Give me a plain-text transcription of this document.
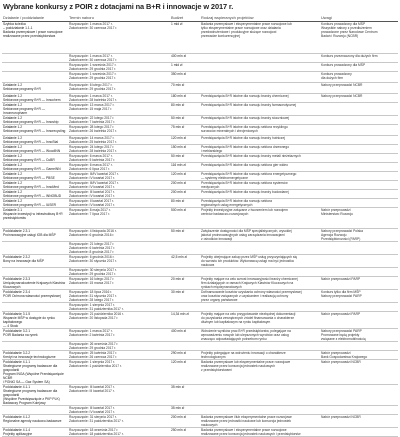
Wybrane konkursy z POIR z dotacjami na B+R i innowacje w 2017 r.
Działanie / poddziałanie	Termin naboru	Budżet	Rodzaj wspieranych projektów	Uwagi
Szybka ścieżka
– poddziałanie 1.1.1
Badania przemysłowe i prace rozwojowe
realizowane przez przedsiębiorstwa	Rozpoczęcie: 1 marca 2017 r.
Zakończenie: 30 czerwca 2017 r.	1 mld zł	Badania przemysłowe i eksperymentalne prace rozwojowe lub
tylko eksperymentalne prace rozwojowe oraz działania
przedwdrożeniowe i produkcyjne służące rozwojowi
przewadze konkurencyjnej	Konkurs prowadzony dla MŚP
Wszystkie nabory z przedłużeniem
prowadzone przez Narodowe Centrum
Badań i Rozwoju (NCBR)
	Rozpoczęcie: 1 marca 2017 r.
Zakończenie: 30 czerwca 2017 r.	400 mln zł		Konkurs przeznaczony dla dużych firm
	Rozpoczęcie: 1 września 2017 r.
Zakończenie: 29 grudnia 2017 r.	1 mld zł		Konkurs prowadzony dla MŚP
	Rozpoczęcie: 1 września 2017 r.
Zakończenie: 29 grudnia 2017 r.	350 mln zł		Konkurs prowadzony
dla dużych firm
Działanie 1.2
Sektorowe programy B+R	Rozpoczęcie: 6 lutego 2017 r.
Zakończenie: 29 grudnia 2017 r.	70 mln zł		Nabory przeprowadzi NCBR
Działanie 1.2
Sektorowe programy B+R — Innochem	Rozpoczęcie: 1 marca 2017 r.
Zakończenie: 28 kwietnia 2017 r.	180 mln zł	Przedsięwzięcia B+R istotne dla rozwoju branży chemicznej	Nabory przeprowadzi NCBR
Działanie 1.2
Sektorowe programy B+R — Innoneuropharm	Rozpoczęcie: 13 marca 2017 r.
Zakończenie: 15 maja 2017 r.	80 mln zł	Przedsięwzięcia B+R istotne dla rozwoju branży farmaceutycznej	
Działanie 1.2
Sektorowe programy B+R — Innoship	Rozpoczęcie: 22 lutego 2017 r.
Zakończenie: 7 kwietnia 2017 r.	50 mln zł	Przedsięwzięcia B+R istotne dla rozwoju branży stoczniowej	
Działanie 1.2
Sektorowe programy B+R — Innorecycling	Rozpoczęcie: 28 lutego 2017 r.
Zakończenie: 26 kwietnia 2017 r.	75 mln zł	Przedsięwzięcia B+R istotne dla rozwoju sektora recyklingu
surowców mineralnych i zbrojeniowych	
Działanie 1.2
Sektorowe programy B+R — InnoStal	Rozpoczęcie: 14 marca 2017 r.
Zakończenie: 25 kwietnia 2017 r.	120 mln zł	Przedsięwzięcia B+R istotne dla rozwoju branży hutniczej	
Działanie 1.2
Sektorowe programy B+R — WoodINN	Rozpoczęcie: 24 lutego 2017 r.
Zakończenie: 28 kwietnia 2017 r.	150 mln zł	Przedsięwzięcia B+R istotne dla rozwoju sektora drzewnego
i meblarskiego	
Działanie 1.2
Sektorowe programy B+R — CuBR	Rozpoczęcie: 6 marca 2017 r.
Zakończenie: 5 kwietnia 2017 r.	50 mln zł	Przedsięwzięcia B+R istotne dla rozwoju branży metali nieżelaznych	
Działanie 1.2
Sektorowe programy B+R — GameINN	Rozpoczęcie: 6 marca 2017 r.
Zakończenie: 6 lipca 2017 r.	116 mln zł	Przedsięwzięcia B+R istotne dla rozwoju sektora gier wideo	
Działanie 1.2
Sektorowe programy B+R — PBSE	Rozpoczęcie: III/IV kwartał 2017 r.
Zakończenie: IV kwartał 2017 r.	120 mln zł	Przedsięwzięcia B+R istotne dla rozwoju sektora energetycznego
— systemy elektroenergetyczne	
Działanie 1.2
Sektorowe programy B+R — InnoMed	Rozpoczęcie: III/IV kwartał 2017 r.
Zakończenie: IV kwartał 2017 r.	200 mln zł	Przedsięwzięcia B+R istotne dla rozwoju sektora systemów
medycznych	
Działanie 1.2
Sektorowe programy B+R — INNOBUD	Rozpoczęcie: III kwartał 2017 r.
Zakończenie: IV kwartał 2017 r.	200 mln zł	Przedsięwzięcia B+R istotne dla rozwoju branży budowlanej	
Działanie 1.2
Sektorowe programy B+R — IUSER	Rozpoczęcie: II kwartał 2017 r.
Zakończenie: IV kwartał 2017 r.	80 mln zł	Przedsięwzięcia B+R istotne dla rozwoju sektora
regionalnych usług energetycznych	
Działanie 2.1
Wsparcie inwestycji w infrastrukturę B+R
przedsiębiorstw	Rozpoczęcie: 8 maja 2017 r.
Zakończenie: 7 lipca 2017 r.	500 mln zł	Projekty inwestycyjne związane z tworzeniem lub rozwojem
centrów badawczo-rozwojowych	Nabór przeprowadzi
Ministerstwo Rozwoju
Poddziałanie 2.3.1
Proinnowacyjne usługi IOB dla MŚP	Rozpoczęcie: 4 listopada 2016 r.
Zakończenie: 6 grudnia 2016 r.	50 mln zł	Zwiększenie dostępności dla MŚP specjalistycznych, wysokiej
jakości proinnowacyjnych usług zarządzania innowacjami
z ośrodków innowacji	Nabory przeprowadzi Polska
Agencja Rozwoju
Przedsiębiorczości (PARP)
	Rozpoczęcie: 21 lutego 2017 r.
Zakończenie: 6 kwietnia 2017 r.
Zakończenie: 8 grudnia 2017 r.			
Poddziałanie 2.3.2
Bony na innowacje dla MŚP	Rozpoczęcie: 6 grudnia 2016 r.
Zakończenie: 30 stycznia 2017 r.	42,5 mln zł	Projekty obejmujące zakup przez MŚP usług przyczyniających się
do wzrostu ich produktów. Wykonawcą usługi ma być jednostka
naukowa	
	Rozpoczęcie: 30 sierpnia 2017 r.
Zakończenie: 29 grudnia 2017 r.			
Poddziałanie 2.3.3
Umiędzynarodowienie Krajowych Klastrów
Kluczowych	Rozpoczęcie: 16 lutego 2017 r.
Zakończenie: 15 marca 2017 r.	20 mln zł	Projekty mające na celu wzrost innowacyjności branży chemicznej
firm działających w ramach Krajowych Klastrów Kluczowych na
rynkach międzynarodowych	Nabór przeprowadzi PARP
Poddziałanie 2.3.4
POIR Ochrona własności przemysłowej	Rozpoczęcie: 18 lipca 2016 r.
Zakończenie: 31 stycznia 2017 r.
Zakończenie: 28 lutego 2017 r.	30 mln zł	Dofinansowanie kosztów uzyskania ochrony własności przemysłowej
oraz kosztów związanych z uzyskaniem i realizacją ochrony
przez organy państwowe	Konkurs tylko dla firm MŚP
Nabory przeprowadzi PARP
	Rozpoczęcie: 1 sierpnia 2017 r.
Zakończenie: 31 października 2017 r.			
Poddziałanie 3.1.5
Wsparcie MŚP w dostępie do rynku kapitałowego
— 4 Stock	Rozpoczęcie: 21 października 2016 r.
Zakończenie: 20 listopada 2017 r.	14,34 mln zł	Projekty mające na celu przygotowanie niezbędnej dokumentacji
do pozyskania zewnętrznych źródeł finansowania o charakterze
dłużnym lub kapitałowym na rynku kapitałowym	Nabór przeprowadzi PARP
Poddziałanie 3.2.1
POIR Badania na rynek	Rozpoczęcie: 1 marca 2017 r.
Zakończenie: 2 kwietnia 2017 r.	400 mln zł	Wdrożenie wyników prac B+R przedsiębiorstw, polegające na
wprowadzeniu nowych lub ulepszonych wyrobów oraz usług
znacząco odpowiadających potrzebom rynku	Nabory przeprowadzi PARP
Promowane będą projekty
związane z elektromobilnością
	Rozpoczęcie: 26 września 2017 r.
Zakończenie: 29 grudnia 2017 r.			
Poddziałanie 3.2.2
Kredyt na innowacje technologiczne	Rozpoczęcie: 25 kwietnia 2017 r.
Zakończenie: 26 czerwca 2017 r.	290 mln zł	Projekty polegające na wdrożeniu innowacji o charakterze
technologicznym	Nabór przeprowadzi
Bank Gospodarstwa Krajowego
Poddziałanie 4.1.1
Strategiczne programy badawcze dla gospodarki
Program INGA (Wspólne Przedsięwzięcie NCBR
i PGNiG SA — Gaz System SA)	Rozpoczęcie: 1 sierpnia 2017 r.
Zakończenie: 1 października 2017 r.	120 mln zł	Badania przemysłowe lub eksperymentalne prace rozwojowe
realizowane przez konsorcja jednostek naukowych
z przedsiębiorstwami	Nabór przeprowadzi NCBR
Poddziałanie 4.1.1
Strategiczne programy badawcze dla gospodarki
(Wspólne Przedsięwzięcie z PKP PLK)
Badawczy Program Kolejowy	Rozpoczęcie: III kwartał 2017 r.
Zakończenie: III kwartał 2017 r.	35 mln zł		
	Rozpoczęcie: III kwartał 2017 r.
Zakończenie: IV kwartał 2017 r.	35 mln zł		
Poddziałanie 4.1.2
Regionalne agendy naukowo-badawcze	Rozpoczęcie: 31 sierpnia 2017 r.
Zakończenie: 31 października 2017 r.	200 mln zł	Badania przemysłowe i/lub eksperymentalne prace rozwojowe
realizowane przez jednostki naukowe lub konsorcja jednostek
naukowych	Nabór przeprowadzi NCBR
Poddziałanie 4.1.4
Projekty aplikacyjne	Rozpoczęcie: 18 września 2017 r.
Zakończenie: 18 października 2017 r.	250 mln zł	Badania przemysłowe i eksperymentalne prace rozwojowe
realizowane przez konsorcja jednostek naukowych i przedsiębiorstw	
